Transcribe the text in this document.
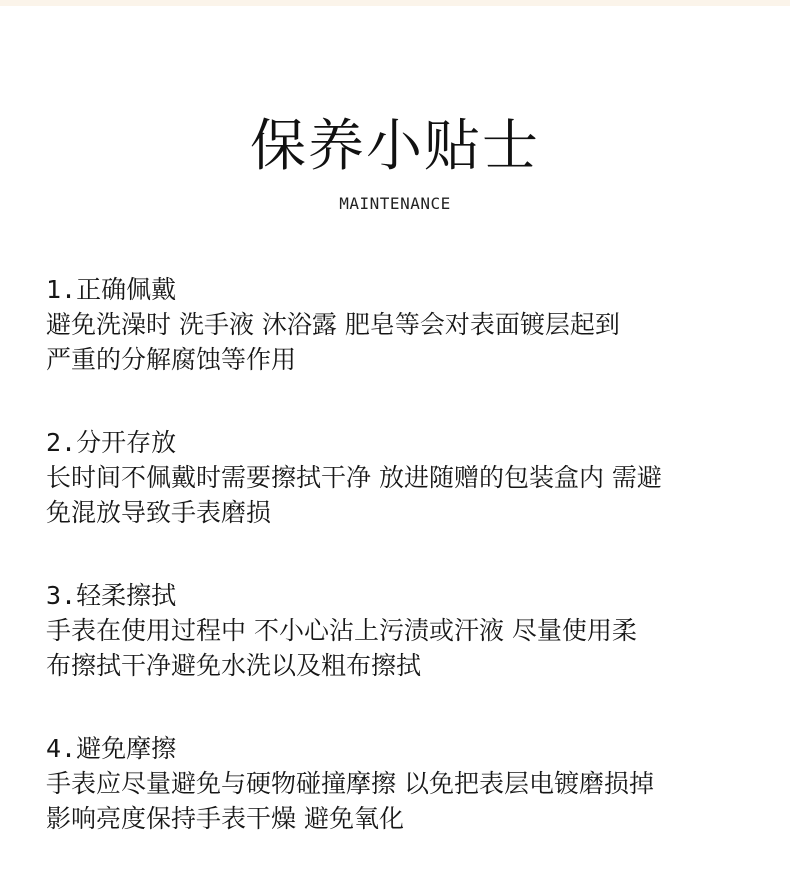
保养小贴士
MAINTENANCE
1.正确佩戴
避免洗澡时 洗手液 沐浴露 肥皂等会对表面镀层起到
严重的分解腐蚀等作用
2.分开存放
长时间不佩戴时需要擦拭干净 放进随赠的包装盒内 需避
免混放导致手表磨损
3.轻柔擦拭
手表在使用过程中 不小心沾上污渍或汗液 尽量使用柔
布擦拭干净避免水洗以及粗布擦拭
4.避免摩擦
手表应尽量避免与硬物碰撞摩擦 以免把表层电镀磨损掉
影响亮度保持手表干燥 避免氧化
